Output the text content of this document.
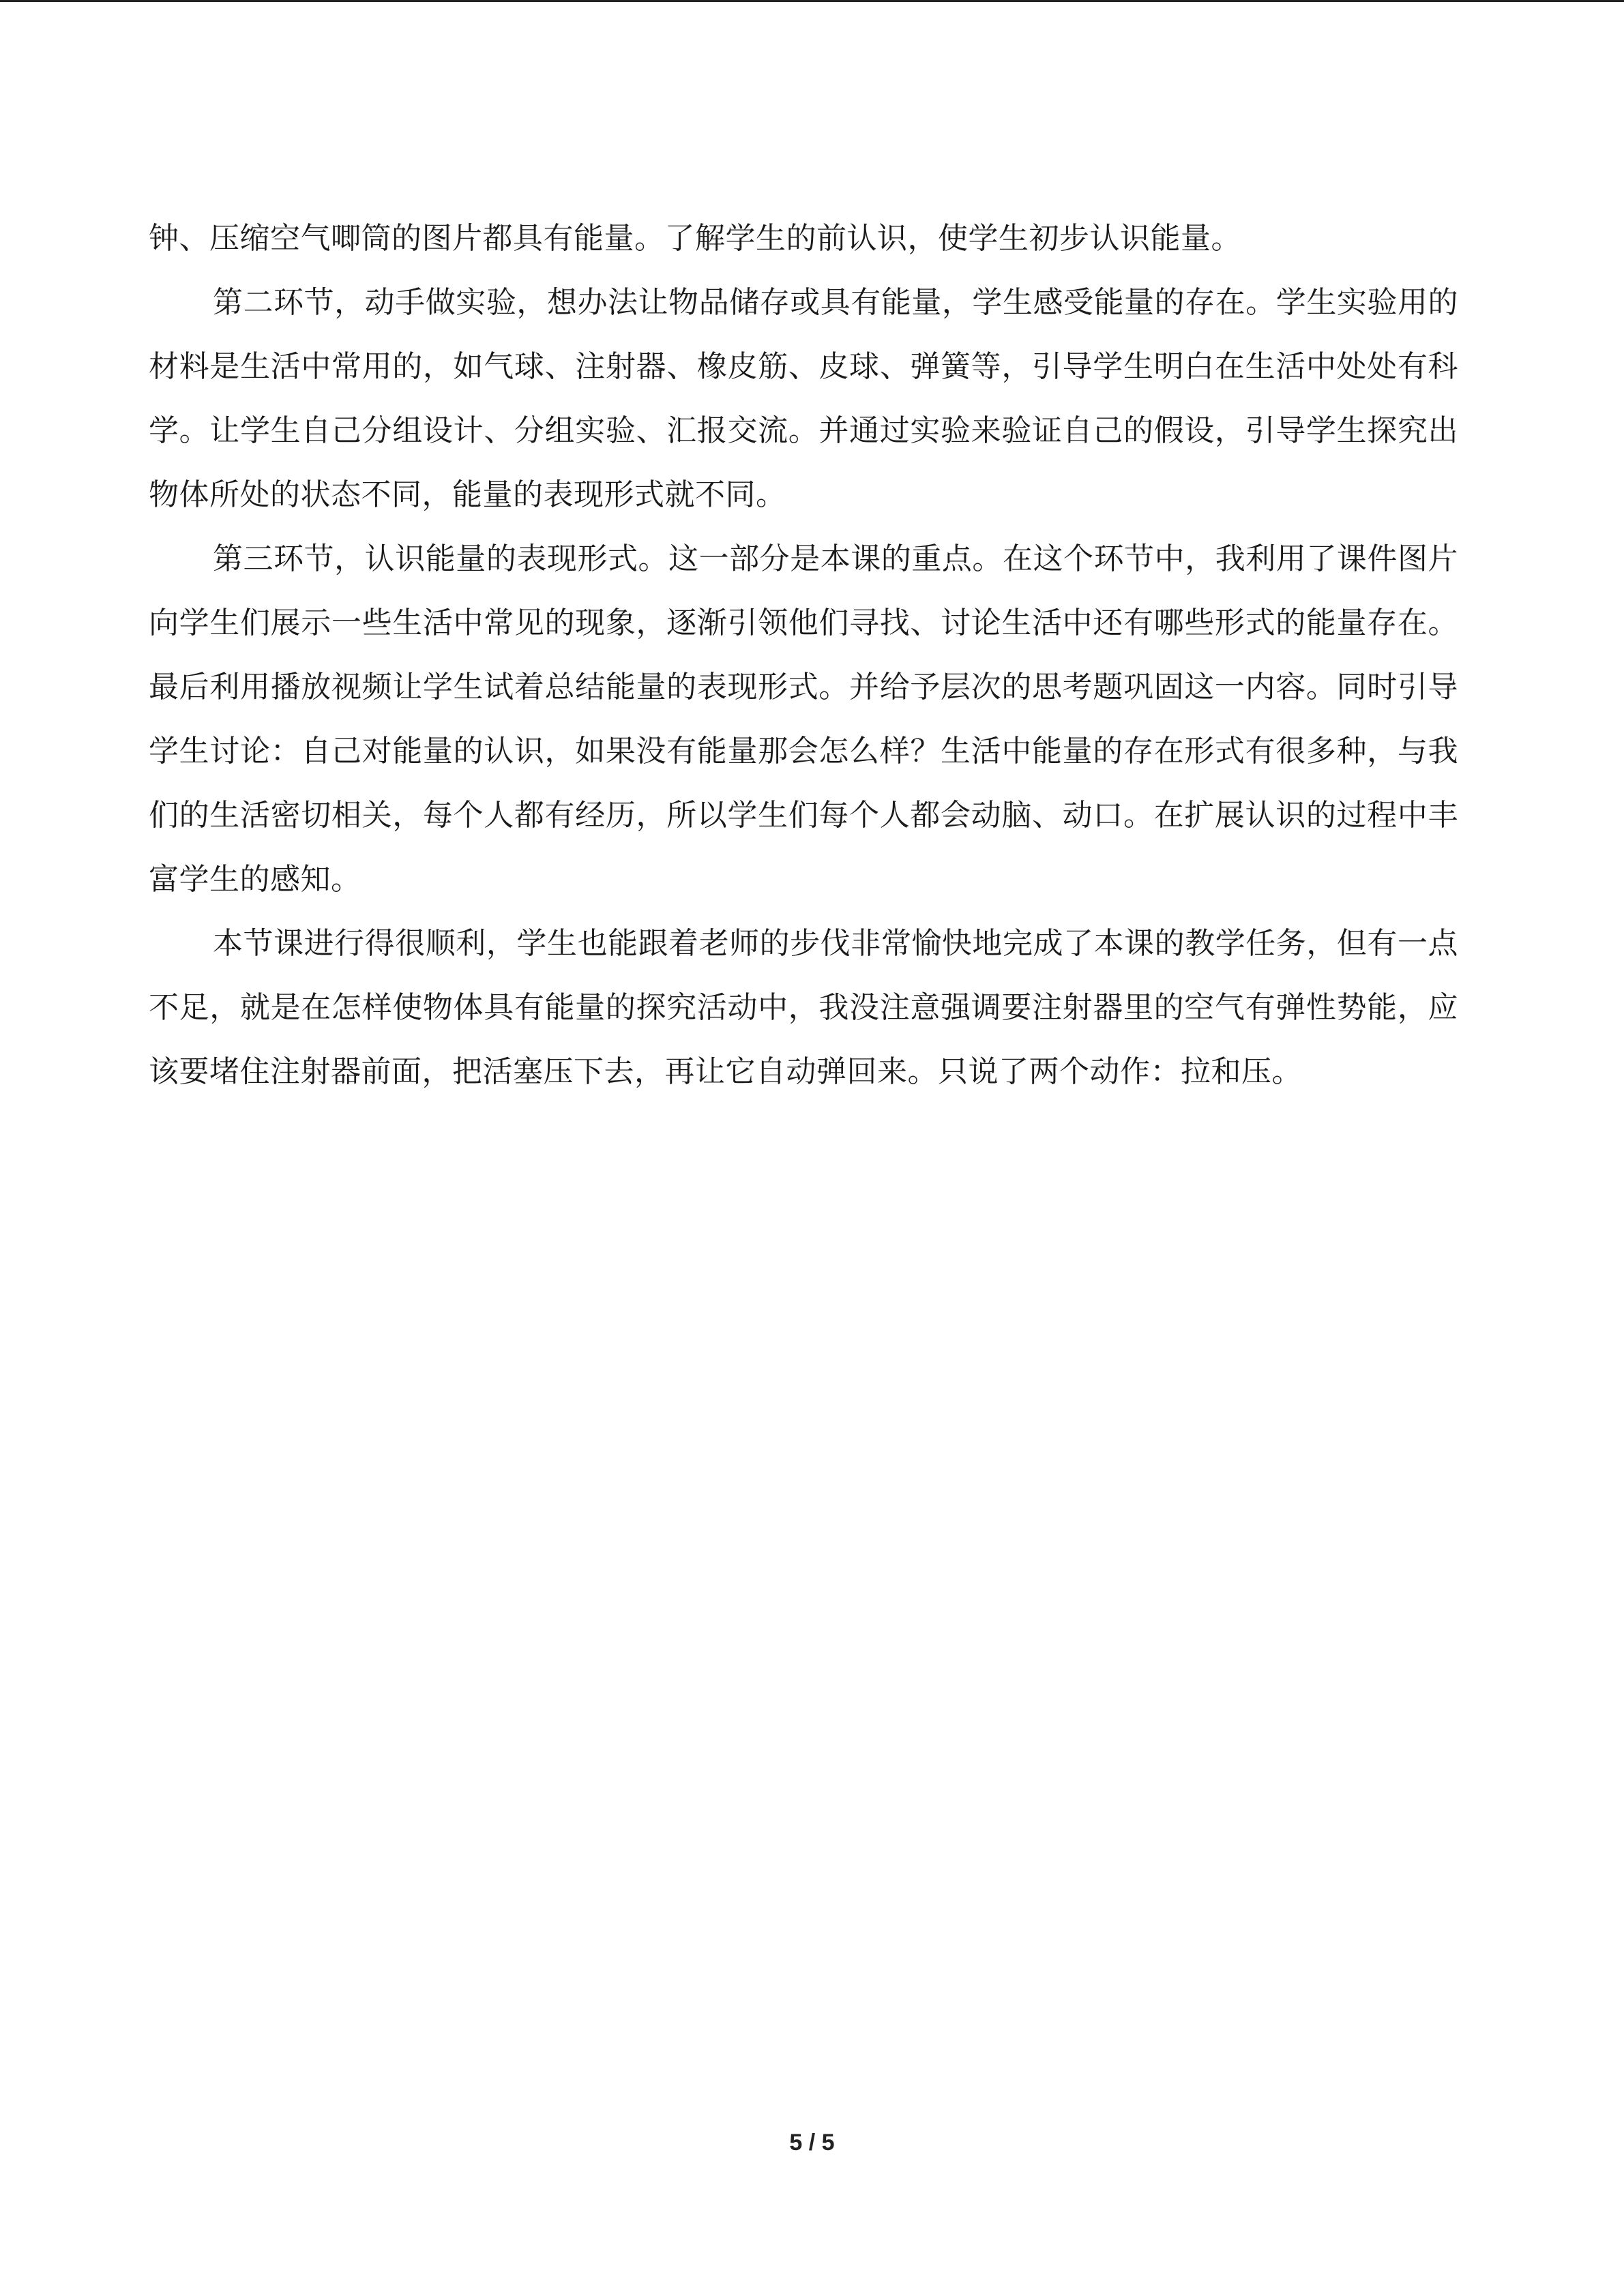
钟、压缩空气唧筒的图片都具有能量。了解学生的前认识，使学生初步认识能量。

第二环节，动手做实验，想办法让物品储存或具有能量，学生感受能量的存在。学生实验用的材料是生活中常用的，如气球、注射器、橡皮筋、皮球、弹簧等，引导学生明白在生活中处处有科学。让学生自己分组设计、分组实验、汇报交流。并通过实验来验证自己的假设，引导学生探究出物体所处的状态不同，能量的表现形式就不同。

第三环节，认识能量的表现形式。这一部分是本课的重点。在这个环节中，我利用了课件图片向学生们展示一些生活中常见的现象，逐渐引领他们寻找、讨论生活中还有哪些形式的能量存在。最后利用播放视频让学生试着总结能量的表现形式。并给予层次的思考题巩固这一内容。同时引导学生讨论：自己对能量的认识，如果没有能量那会怎么样？生活中能量的存在形式有很多种，与我们的生活密切相关，每个人都有经历，所以学生们每个人都会动脑、动口。在扩展认识的过程中丰富学生的感知。

本节课进行得很顺利，学生也能跟着老师的步伐非常愉快地完成了本课的教学任务，但有一点不足，就是在怎样使物体具有能量的探究活动中，我没注意强调要注射器里的空气有弹性势能，应该要堵住注射器前面，把活塞压下去，再让它自动弹回来。只说了两个动作：拉和压。

5 / 5
